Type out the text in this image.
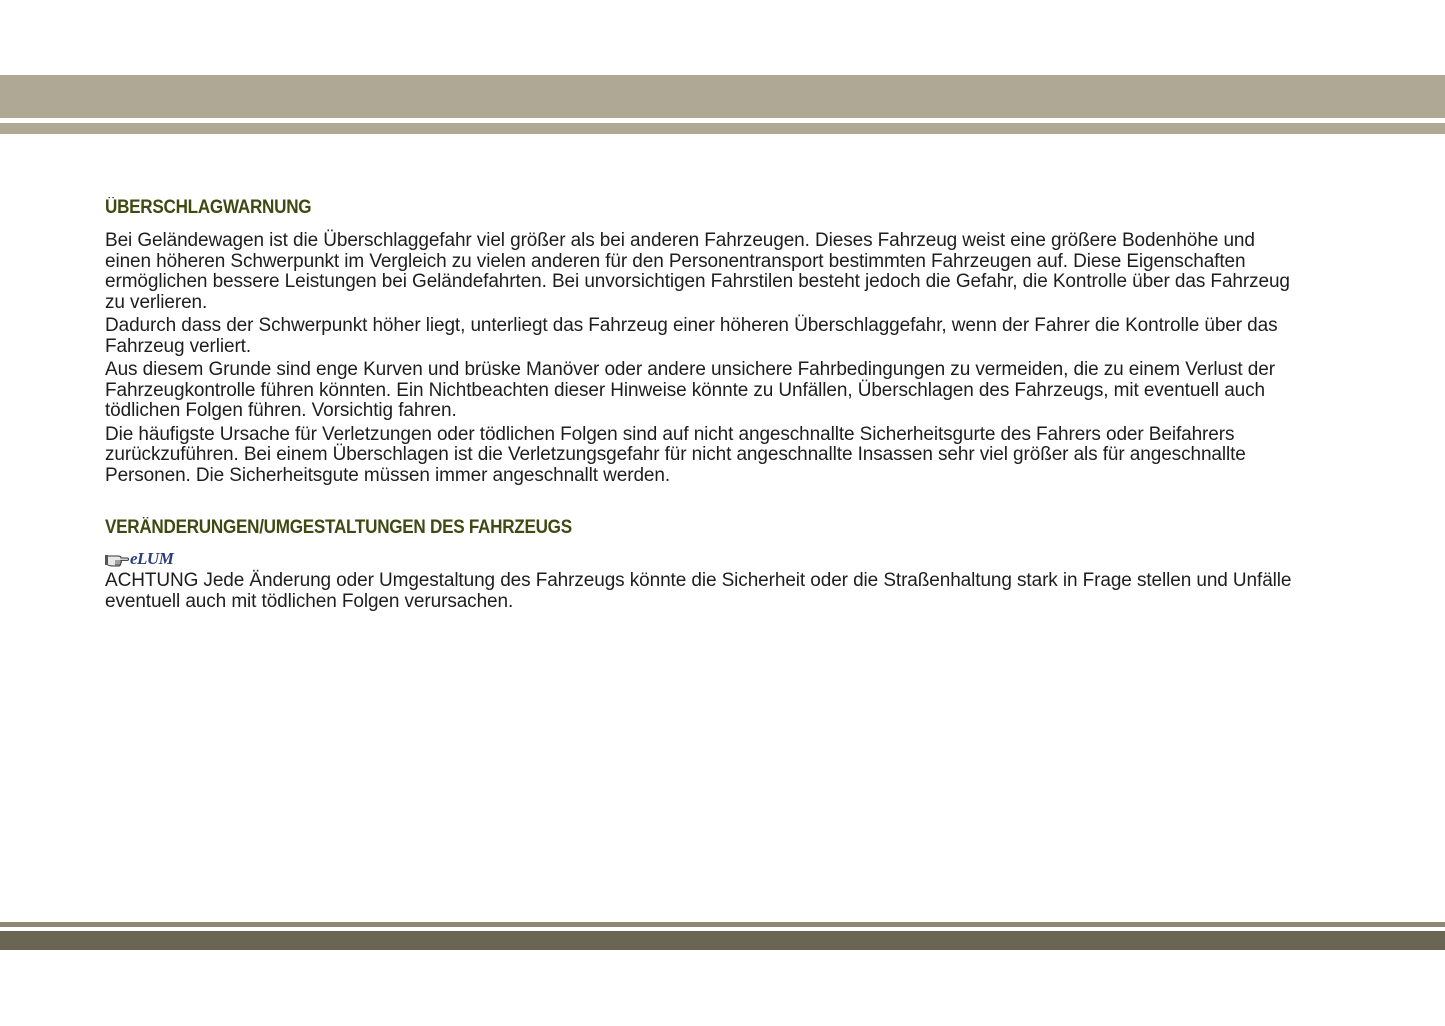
ÜBERSCHLAGWARNUNG

Bei Geländewagen ist die Überschlaggefahr viel größer als bei anderen Fahrzeugen. Dieses Fahrzeug weist eine größere Bodenhöhe und einen höheren Schwerpunkt im Vergleich zu vielen anderen für den Personentransport bestimmten Fahrzeugen auf. Diese Eigenschaften ermöglichen bessere Leistungen bei Geländefahrten. Bei unvorsichtigen Fahrstilen besteht jedoch die Gefahr, die Kontrolle über das Fahrzeug zu verlieren.

Dadurch dass der Schwerpunkt höher liegt, unterliegt das Fahrzeug einer höheren Überschlaggefahr, wenn der Fahrer die Kontrolle über das Fahrzeug verliert.

Aus diesem Grunde sind enge Kurven und brüske Manöver oder andere unsichere Fahrbedingungen zu vermeiden, die zu einem Verlust der Fahrzeugkontrolle führen könnten. Ein Nichtbeachten dieser Hinweise könnte zu Unfällen, Überschlagen des Fahrzeugs, mit eventuell auch tödlichen Folgen führen. Vorsichtig fahren.

Die häufigste Ursache für Verletzungen oder tödlichen Folgen sind auf nicht angeschnallte Sicherheitsgurte des Fahrers oder Beifahrers zurückzuführen. Bei einem Überschlagen ist die Verletzungsgefahr für nicht angeschnallte Insassen sehr viel größer als für angeschnallte Personen. Die Sicherheitsgute müssen immer angeschnallt werden.

VERÄNDERUNGEN/UMGESTALTUNGEN DES FAHRZEUGS
eLUM

ACHTUNG Jede Änderung oder Umgestaltung des Fahrzeugs könnte die Sicherheit oder die Straßenhaltung stark in Frage stellen und Unfälle eventuell auch mit tödlichen Folgen verursachen.
